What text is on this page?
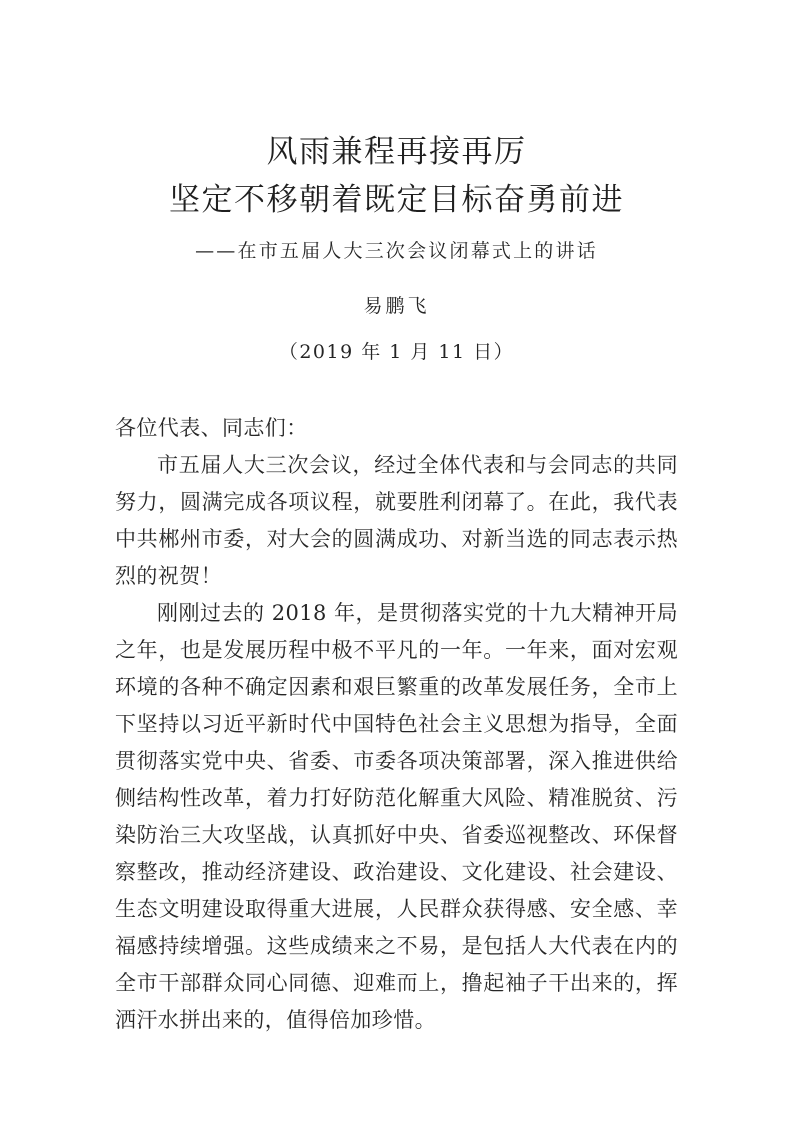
风雨兼程再接再厉
坚定不移朝着既定目标奋勇前进
——在市五届人大三次会议闭幕式上的讲话
易鹏飞
（2019 年 1 月 11 日）
各位代表、同志们：

市五届人大三次会议，经过全体代表和与会同志的共同努力，圆满完成各项议程，就要胜利闭幕了。在此，我代表中共郴州市委，对大会的圆满成功、对新当选的同志表示热烈的祝贺！

刚刚过去的 2018 年，是贯彻落实党的十九大精神开局之年，也是发展历程中极不平凡的一年。一年来，面对宏观环境的各种不确定因素和艰巨繁重的改革发展任务，全市上下坚持以习近平新时代中国特色社会主义思想为指导，全面贯彻落实党中央、省委、市委各项决策部署，深入推进供给侧结构性改革，着力打好防范化解重大风险、精准脱贫、污染防治三大攻坚战，认真抓好中央、省委巡视整改、环保督察整改，推动经济建设、政治建设、文化建设、社会建设、生态文明建设取得重大进展，人民群众获得感、安全感、幸福感持续增强。这些成绩来之不易，是包括人大代表在内的全市干部群众同心同德、迎难而上，撸起袖子干出来的，挥洒汗水拼出来的，值得倍加珍惜。
